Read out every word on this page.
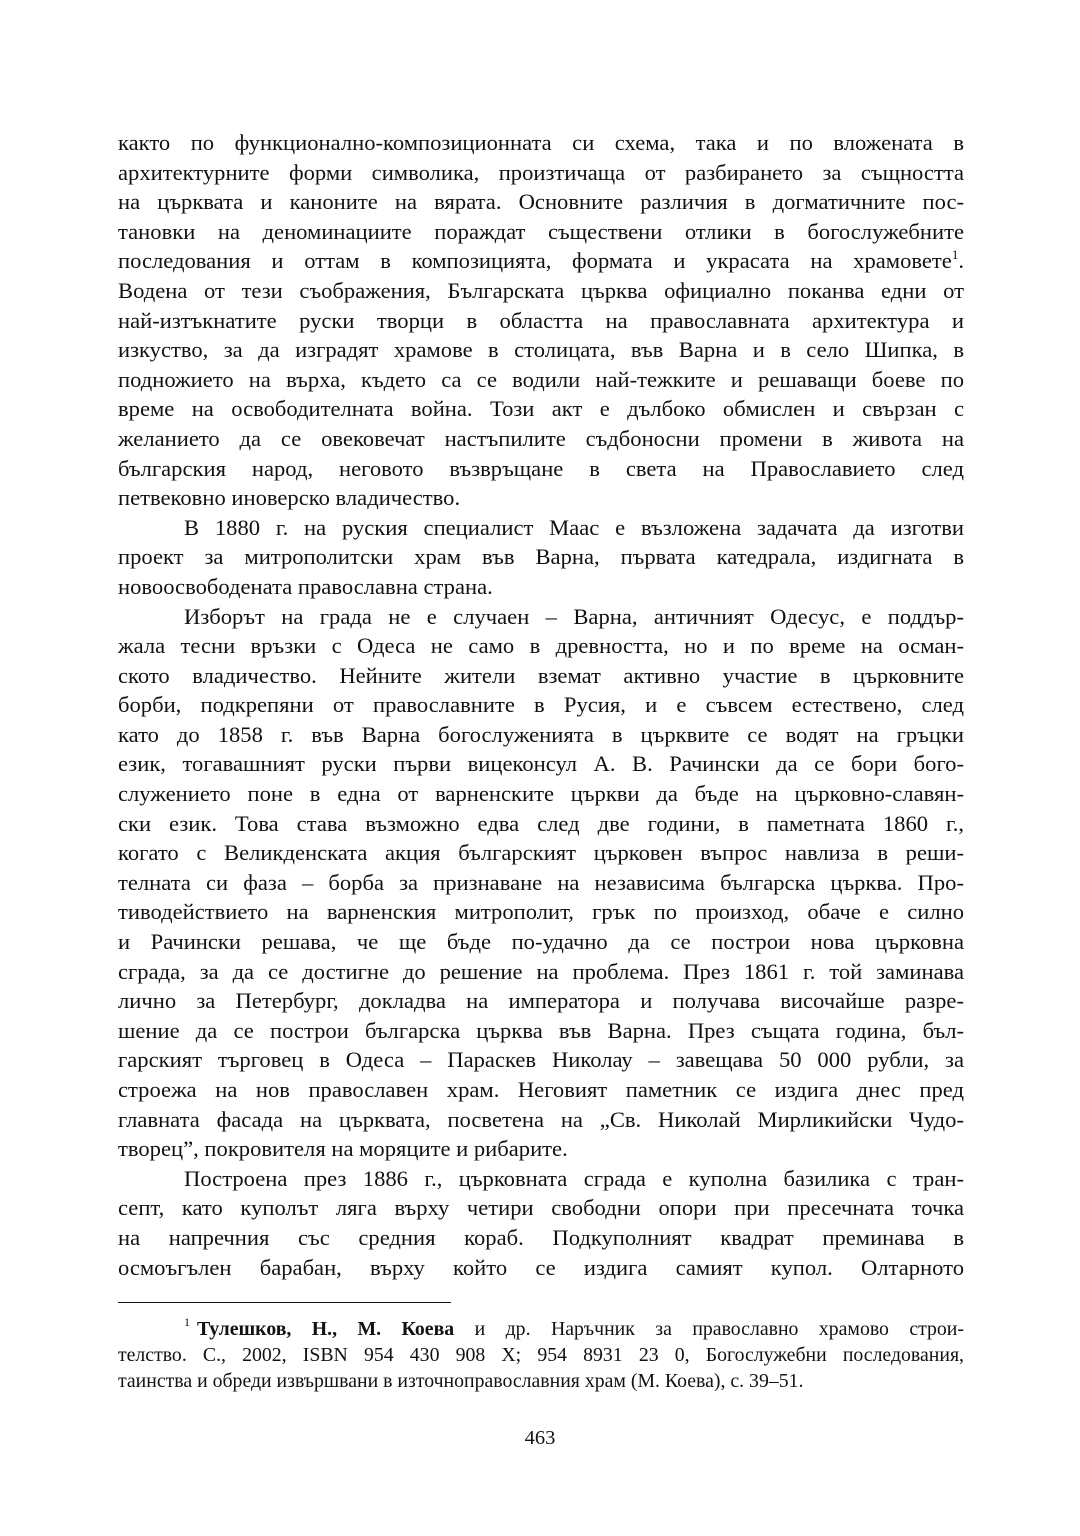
както по функционално-композиционната си схема, така и по вложената в
архитектурните форми символика, произтичаща от разбирането за същността
на църквата и каноните на вярата. Основните различия в догматичните пос-
тановки на деноминациите пораждат съществени отлики в богослужебните
последования и оттам в композицията, формата и украсата на храмовете$^1$.
Водена от тези съображения, Българската църква официално поканва едни от
най-изтъкнатите руски творци в областта на православната архитектура и
изкуство, за да изградят храмове в столицата, във Варна и в село Шипка, в
подножието на върха, където са се водили най-тежките и решаващи боеве по
време на освободителната война. Този акт е дълбоко обмислен и свързан с
желанието да се овековечат настъпилите съдбоносни промени в живота на
българския народ, неговото възвръщане в света на Православието след
петвековно иноверско владичество.
В 1880 г. на руския специалист Маас е възложена задачата да изготви
проект за митрополитски храм във Варна, първата катедрала, издигната в
новоосвободената православна страна.
Изборът на града не е случаен – Варна, античният Одесус, е поддър-
жала тесни връзки с Одеса не само в древността, но и по време на осман-
ското владичество. Нейните жители вземат активно участие в църковните
борби, подкрепяни от православните в Русия, и е съвсем естествено, след
като до 1858 г. във Варна богослуженията в църквите се водят на гръцки
език, тогавашният руски първи вицеконсул А. В. Рачински да се бори бого-
служението поне в една от варненските църкви да бъде на църковно-славян-
ски език. Това става възможно едва след две години, в паметната 1860 г.,
когато с Великденската акция българският църковен въпрос навлиза в реши-
телната си фаза – борба за признаване на независима българска църква. Про-
тиводействието на варненския митрополит, грък по произход, обаче е силно
и Рачински решава, че ще бъде по-удачно да се построи нова църковна
сграда, за да се достигне до решение на проблема. През 1861 г. той заминава
лично за Петербург, докладва на императора и получава височайше разре-
шение да се построи българска църква във Варна. През същата година, бъл-
гарският търговец в Одеса – Параскев Николау – завещава 50 000 рубли, за
строежа на нов православен храм. Неговият паметник се издига днес пред
главната фасада на църквата, посветена на „Св. Николай Мирликийски Чудо-
творец”, покровителя на моряците и рибарите.
Построена през 1886 г., църковната сграда е куполна базилика с тран-
септ, като куполът ляга върху четири свободни опори при пресечната точка
на напречния със средния кораб. Подкуполният квадрат преминава в
осмоъгълен барабан, върху който се издига самият купол. Олтарното
$^1$ Тулешков, Н., М. Коева и др. Наръчник за православно храмово строи-
телство. С., 2002, ISBN 954 430 908 X; 954 8931 23 0, Богослужебни последования,
таинства и обреди извършвани в източноправославния храм (М. Коева), с. 39–51.
463
